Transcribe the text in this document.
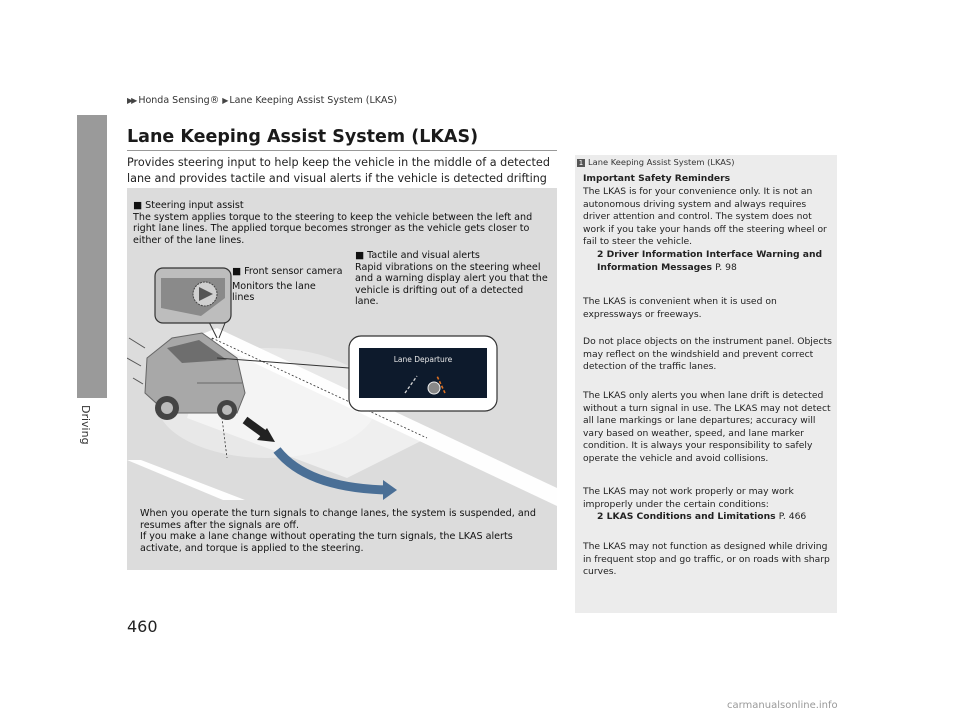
Driving
▶▶ Honda Sensing® ▶ Lane Keeping Assist System (LKAS)
Lane Keeping Assist System (LKAS)
Provides steering input to help keep the vehicle in the middle of a detected lane and provides tactile and visual alerts if the vehicle is detected drifting
Lane Departure
■ Steering input assist
The system applies torque to the steering to keep the vehicle between the left and
right lane lines. The applied torque becomes stronger as the vehicle gets closer to
either of the lane lines.
■ Tactile and visual alerts
Rapid vibrations on the steering wheel
and a warning display alert you that the
vehicle is drifting out of a detected
lane.
■ Front sensor camera
Monitors the lane
lines
When you operate the turn signals to change lanes, the system is suspended, and
resumes after the signals are off.
If you make a lane change without operating the turn signals, the LKAS alerts
activate, and torque is applied to the steering.
1 Lane Keeping Assist System (LKAS)
Important Safety Reminders
The LKAS is for your convenience only. It is not an autonomous driving system and always requires driver attention and control. The system does not work if you take your hands off the steering wheel or fail to steer the vehicle.
2 Driver Information Interface Warning and Information Messages P. 98
The LKAS is convenient when it is used on expressways or freeways.
Do not place objects on the instrument panel. Objects may reflect on the windshield and prevent correct detection of the traffic lanes.
The LKAS only alerts you when lane drift is detected without a turn signal in use. The LKAS may not detect all lane markings or lane departures; accuracy will vary based on weather, speed, and lane marker condition. It is always your responsibility to safely operate the vehicle and avoid collisions.
The LKAS may not work properly or may work improperly under the certain conditions:
2 LKAS Conditions and Limitations P. 466
The LKAS may not function as designed while driving in frequent stop and go traffic, or on roads with sharp curves.
460
carmanualsonline.info
